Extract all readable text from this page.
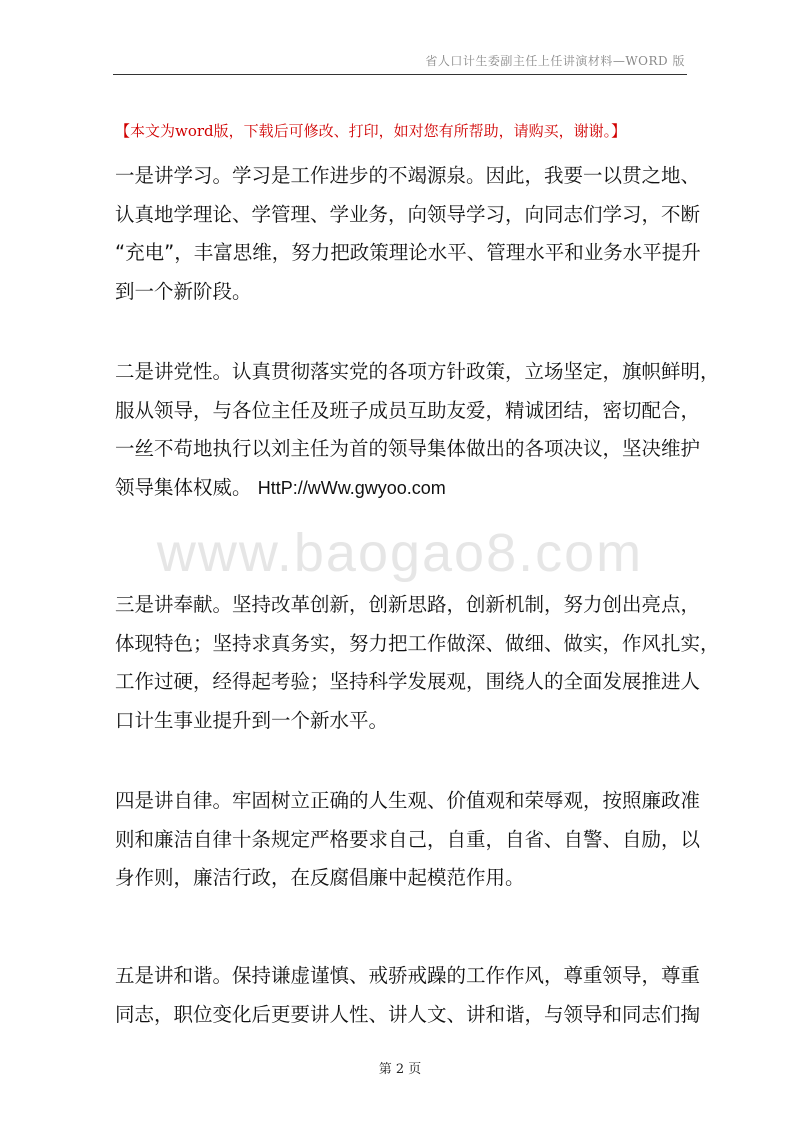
省人口计生委副主任上任讲演材料—WORD 版
【本文为word版，下载后可修改、打印，如对您有所帮助，请购买，谢谢。】
www.baogao8.com
一是讲学习。学习是工作进步的不竭源泉。因此，我要一以贯之地、
认真地学理论、学管理、学业务，向领导学习，向同志们学习，不断
“充电”，丰富思维，努力把政策理论水平、管理水平和业务水平提升
到一个新阶段。
二是讲党性。认真贯彻落实党的各项方针政策，立场坚定，旗帜鲜明，
服从领导，与各位主任及班子成员互助友爱，精诚团结，密切配合，
一丝不苟地执行以刘主任为首的领导集体做出的各项决议，坚决维护
领导集体权威。 HttP://wWw.gwyoo.com
三是讲奉献。坚持改革创新，创新思路，创新机制，努力创出亮点，
体现特色；坚持求真务实，努力把工作做深、做细、做实，作风扎实，
工作过硬，经得起考验；坚持科学发展观，围绕人的全面发展推进人
口计生事业提升到一个新水平。
四是讲自律。牢固树立正确的人生观、价值观和荣辱观，按照廉政准
则和廉洁自律十条规定严格要求自己，自重，自省、自警、自励，以
身作则，廉洁行政，在反腐倡廉中起模范作用。
五是讲和谐。保持谦虚谨慎、戒骄戒躁的工作作风，尊重领导，尊重
同志，职位变化后更要讲人性、讲人文、讲和谐，与领导和同志们掏
第 2 页
